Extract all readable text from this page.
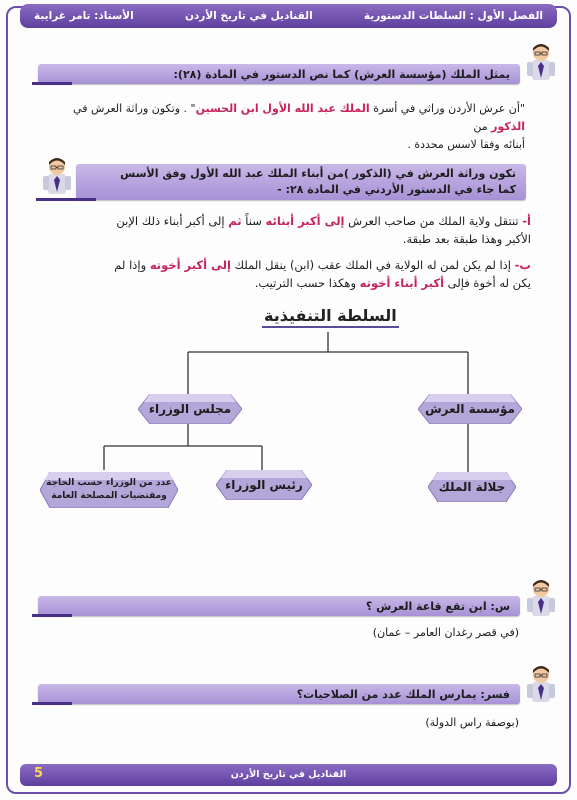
الفصل الأول : السلطات الدستورية
القناديل في تاريخ الأردن
الأستاذ: تامر غرايبة
يمثل الملك (مؤسسة العرش) كما نص الدستور في المادة (٢٨):
"أن عرش الأردن وراثي في أسرة الملك عبد الله الأول ابن الحسين" . وتكون وراثة العرش في الذكور من
أبنائه وفقا لاسس محددة .
تكون وراثة العرش في (الذكور )من أبناء الملك عبد الله الأول وفق الأسس
كما جاء في الدستور الأردني في المادة ٢٨: -
أ- تنتقل ولاية الملك من صاحب العرش إلى أكبر أبنائه سناً ثم إلى أكبر أبناء ذلك الإبن
الأكبر وهذا طبقة بعد طبقة.
ب- إذا لم يكن لمن له الولاية في الملك عقب (ابن) ينقل الملك إلى أكبر أخوته وإذا لم
يكن له أخوة فإلى أكبر أبناء أخوته وهكذا حسب الترتيب.
السلطة التنفيذية
مؤسسة العرش
مجلس الوزراء
جلالة الملك
رئيس الوزراء
عدد من الوزراء حسب الحاجة ومقتضيات المصلحة العامة
س: ابن تقع قاعة العرش ؟
(في قصر رغدان العامر – عمان)
فسر: يمارس الملك عدد من الصلاحيات؟
(بوصفة راس الدولة)
5	القناديل في تاريخ الأردن
